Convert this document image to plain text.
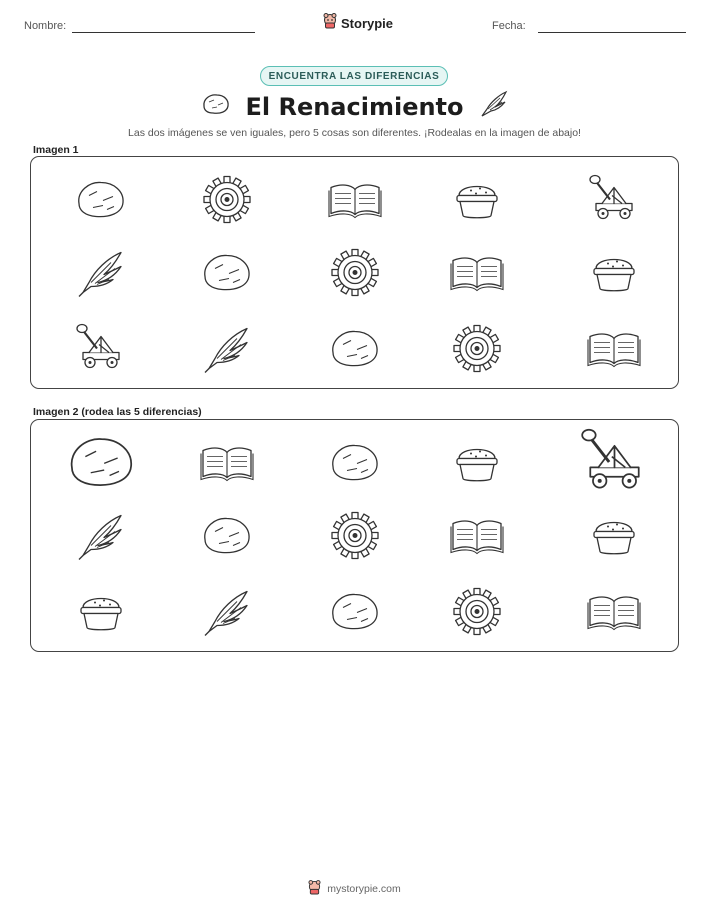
Nombre:	Storypie	Fecha:
ENCUENTRA LAS DIFERENCIAS
El Renacimiento
Las dos imágenes se ven iguales, pero 5 cosas son diferentes. ¡Rodealas en la imagen de abajo!
Imagen 1
Imagen 2 (rodea las 5 diferencias)
mystorypie.com
